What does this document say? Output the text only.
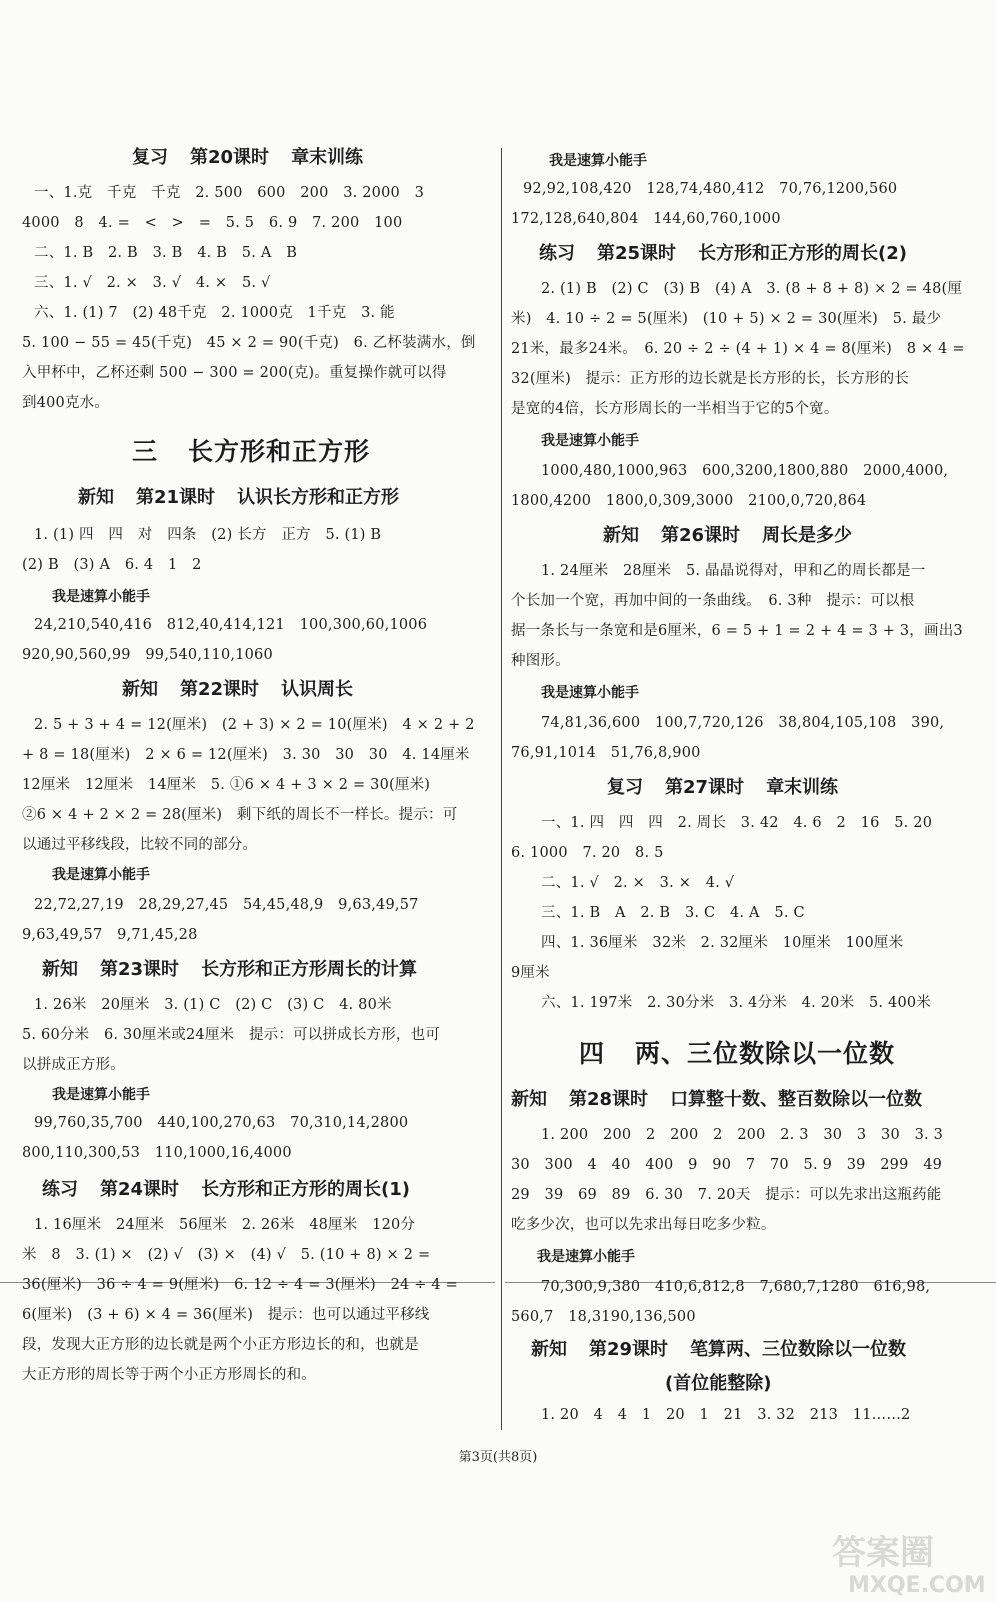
复习 第20课时 章末训练
一、1.克　千克　千克　2. 500　600　200　3. 2000　3
4000　8　4. =　<　>　=　5. 5　6. 9　7. 200　100
二、1. B　2. B　3. B　4. B　5. A　B
三、1. √　2. ×　3. √　4. ×　5. √
六、1. (1) 7　(2) 48千克　2. 1000克　1千克　3. 能
5. 100 − 55 = 45(千克)　45 × 2 = 90(千克)　6. 乙杯装满水，倒
入甲杯中，乙杯还剩 500 − 300 = 200(克)。重复操作就可以得
到400克水。
三 长方形和正方形
新知 第21课时 认识长方形和正方形
1. (1) 四　四　对　四条　(2) 长方　正方　5. (1) B
(2) B　(3) A　6. 4　1　2
我是速算小能手
24,210,540,416　812,40,414,121　100,300,60,1006
920,90,560,99　99,540,110,1060
新知 第22课时 认识周长
2. 5 + 3 + 4 = 12(厘米)　(2 + 3) × 2 = 10(厘米)　4 × 2 + 2
+ 8 = 18(厘米)　2 × 6 = 12(厘米)　3. 30　30　30　4. 14厘米
12厘米　12厘米　14厘米　5. ①6 × 4 + 3 × 2 = 30(厘米)
②6 × 4 + 2 × 2 = 28(厘米)　剩下纸的周长不一样长。提示：可
以通过平移线段，比较不同的部分。
我是速算小能手
22,72,27,19　28,29,27,45　54,45,48,9　9,63,49,57
9,63,49,57　9,71,45,28
新知 第23课时 长方形和正方形周长的计算
1. 26米　20厘米　3. (1) C　(2) C　(3) C　4. 80米
5. 60分米　6. 30厘米或24厘米　提示：可以拼成长方形，也可
以拼成正方形。
我是速算小能手
99,760,35,700　440,100,270,63　70,310,14,2800
800,110,300,53　110,1000,16,4000
练习 第24课时 长方形和正方形的周长(1)
1. 16厘米　24厘米　56厘米　2. 26米　48厘米　120分
米　8　3. (1) ×　(2) √　(3) ×　(4) √　5. (10 + 8) × 2 =
36(厘米)　36 ÷ 4 = 9(厘米)　6. 12 ÷ 4 = 3(厘米)　24 ÷ 4 =
6(厘米)　(3 + 6) × 4 = 36(厘米)　提示：也可以通过平移线
段，发现大正方形的边长就是两个小正方形边长的和，也就是
大正方形的周长等于两个小正方形周长的和。
我是速算小能手
92,92,108,420　128,74,480,412　70,76,1200,560
172,128,640,804　144,60,760,1000
练习 第25课时 长方形和正方形的周长(2)
2. (1) B　(2) C　(3) B　(4) A　3. (8 + 8 + 8) × 2 = 48(厘
米)　4. 10 ÷ 2 = 5(厘米)　(10 + 5) × 2 = 30(厘米)　5. 最少
21米，最多24米。　6. 20 ÷ 2 ÷ (4 + 1) × 4 = 8(厘米)　8 × 4 =
32(厘米)　提示：正方形的边长就是长方形的长，长方形的长
是宽的4倍，长方形周长的一半相当于它的5个宽。
我是速算小能手
1000,480,1000,963　600,3200,1800,880　2000,4000,
1800,4200　1800,0,309,3000　2100,0,720,864
新知 第26课时 周长是多少
1. 24厘米　28厘米　5. 晶晶说得对，甲和乙的周长都是一
个长加一个宽，再加中间的一条曲线。　6. 3种　提示：可以根
据一条长与一条宽和是6厘米，6 = 5 + 1 = 2 + 4 = 3 + 3，画出3
种图形。
我是速算小能手
74,81,36,600　100,7,720,126　38,804,105,108　390,
76,91,1014　51,76,8,900
复习 第27课时 章末训练
一、1. 四　四　四　2. 周长　3. 42　4. 6　2　16　5. 20
6. 1000　7. 20　8. 5
二、1. √　2. ×　3. ×　4. √
三、1. B　A　2. B　3. C　4. A　5. C
四、1. 36厘米　32米　2. 32厘米　10厘米　100厘米
9厘米
六、1. 197米　2. 30分米　3. 4分米　4. 20米　5. 400米
四 两、三位数除以一位数
新知 第28课时 口算整十数、整百数除以一位数
1. 200　200　2　200　2　200　2. 3　30　3　30　3. 3
30　300　4　40　400　9　90　7　70　5. 9　39　299　49
29　39　69　89　6. 30　7. 20天　提示：可以先求出这瓶药能
吃多少次，也可以先求出每日吃多少粒。
我是速算小能手
70,300,9,380　410,6,812,8　7,680,7,1280　616,98,
560,7　18,3190,136,500
新知 第29课时 笔算两、三位数除以一位数
(首位能整除)
1. 20　4　4　1　20　1　21　3. 32　213　11……2
第3页(共8页)
答案圈
MXQE.COM
